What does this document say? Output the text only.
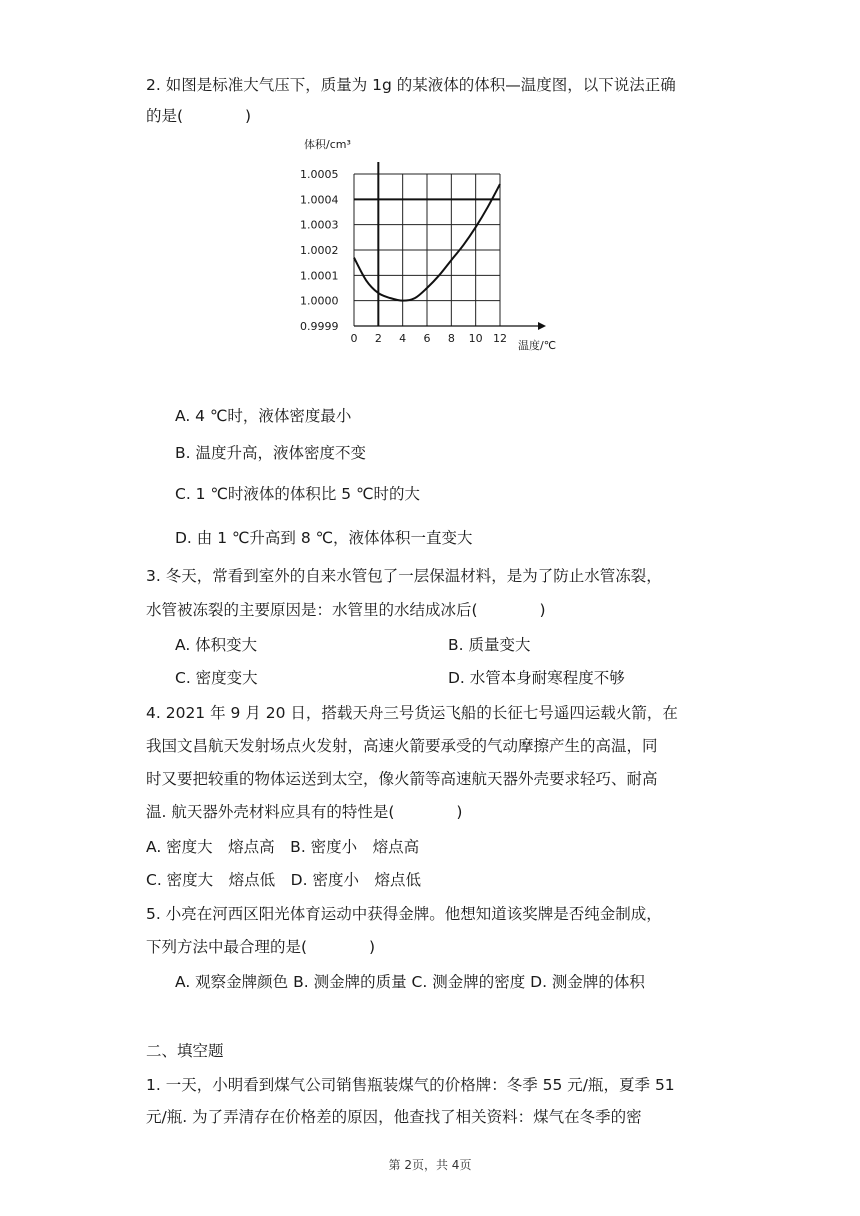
2. 如图是标准大气压下，质量为 1g 的某液体的体积—温度图，以下说法正确
的是(　　　　)
体积/cm³
1.0005
1.0004
1.0003
1.0002
1.0001
1.0000
0.9999
0 2 4 6 8 10 12
温度/℃
A. 4 ℃时，液体密度最小
B. 温度升高，液体密度不变
C. 1 ℃时液体的体积比 5 ℃时的大
D. 由 1 ℃升高到 8 ℃，液体体积一直变大
3. 冬天，常看到室外的自来水管包了一层保温材料，是为了防止水管冻裂，
水管被冻裂的主要原因是：水管里的水结成冰后(　　　　)
A. 体积变大	B. 质量变大
C. 密度变大	D. 水管本身耐寒程度不够
4. 2021 年 9 月 20 日，搭载天舟三号货运飞船的长征七号遥四运载火箭，在
我国文昌航天发射场点火发射，高速火箭要承受的气动摩擦产生的高温，同
时又要把较重的物体运送到太空，像火箭等高速航天器外壳要求轻巧、耐高
温. 航天器外壳材料应具有的特性是(　　　　)
A. 密度大　熔点高　B. 密度小　熔点高
C. 密度大　熔点低　D. 密度小　熔点低
5. 小亮在河西区阳光体育运动中获得金牌。他想知道该奖牌是否纯金制成，
下列方法中最合理的是(　　　　)
A. 观察金牌颜色 B. 测金牌的质量 C. 测金牌的密度 D. 测金牌的体积
二、填空题
1. 一天，小明看到煤气公司销售瓶装煤气的价格牌：冬季 55 元/瓶，夏季 51
元/瓶. 为了弄清存在价格差的原因，他查找了相关资料：煤气在冬季的密
第 2页，共 4页
